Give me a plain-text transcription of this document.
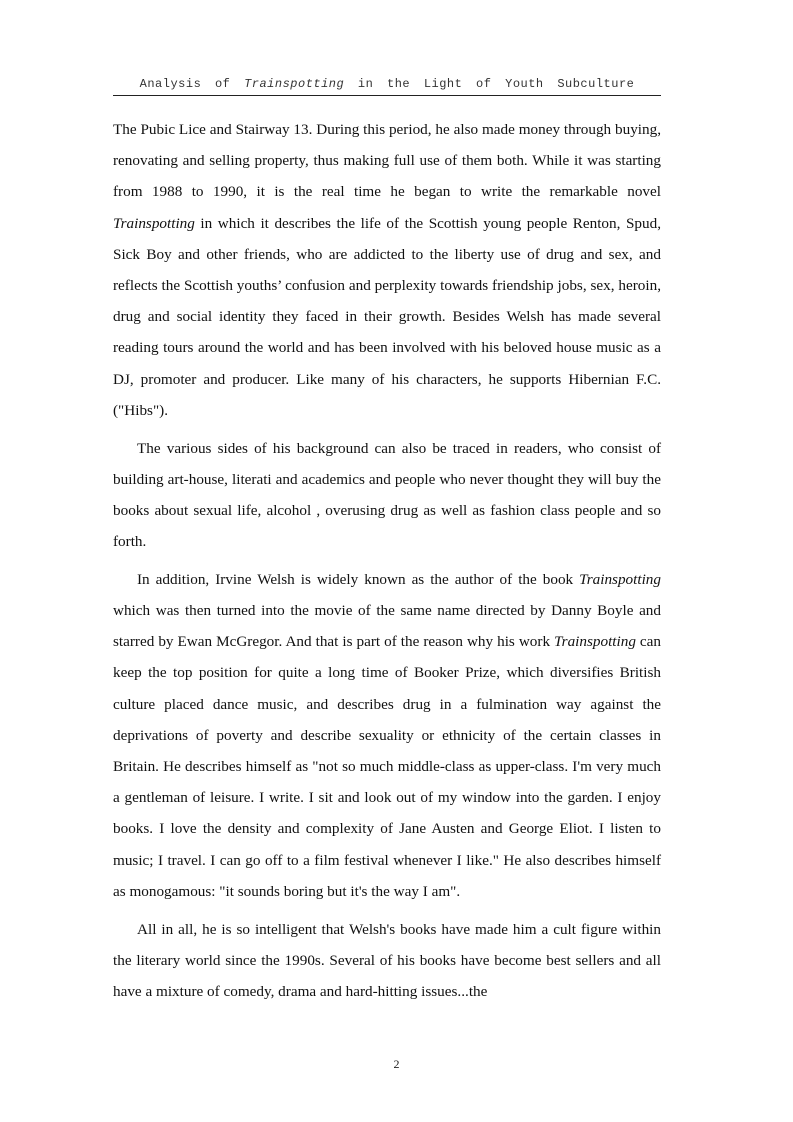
Analysis of Trainspotting in the Light of Youth Subculture

The Pubic Lice and Stairway 13. During this period, he also made money through buying, renovating and selling property, thus making full use of them both. While it was starting from 1988 to 1990, it is the real time he began to write the remarkable novel Trainspotting in which it describes the life of the Scottish young people Renton, Spud, Sick Boy and other friends, who are addicted to the liberty use of drug and sex, and reflects the Scottish youths’ confusion and perplexity towards friendship jobs, sex, heroin, drug and social identity they faced in their growth. Besides Welsh has made several reading tours around the world and has been involved with his beloved house music as a DJ, promoter and producer. Like many of his characters, he supports Hibernian F.C.("Hibs").

The various sides of his background can also be traced in readers, who consist of building art-house, literati and academics and people who never thought they will buy the books about sexual life, alcohol , overusing drug as well as fashion class people and so forth.

In addition, Irvine Welsh is widely known as the author of the book Trainspotting which was then turned into the movie of the same name directed by Danny Boyle and starred by Ewan McGregor. And that is part of the reason why his work Trainspotting can keep the top position for quite a long time of Booker Prize, which diversifies British culture placed dance music, and describes drug in a fulmination way against the deprivations of poverty and describe sexuality or ethnicity of the certain classes in Britain. He describes himself as "not so much middle-class as upper-class. I'm very much a gentleman of leisure. I write. I sit and look out of my window into the garden. I enjoy books. I love the density and complexity of Jane Austen and George Eliot. I listen to music; I travel. I can go off to a film festival whenever I like." He also describes himself as monogamous: "it sounds boring but it's the way I am".

All in all, he is so intelligent that Welsh's books have made him a cult figure within the literary world since the 1990s. Several of his books have become best sellers and all have a mixture of comedy, drama and hard-hitting issues...the

2
